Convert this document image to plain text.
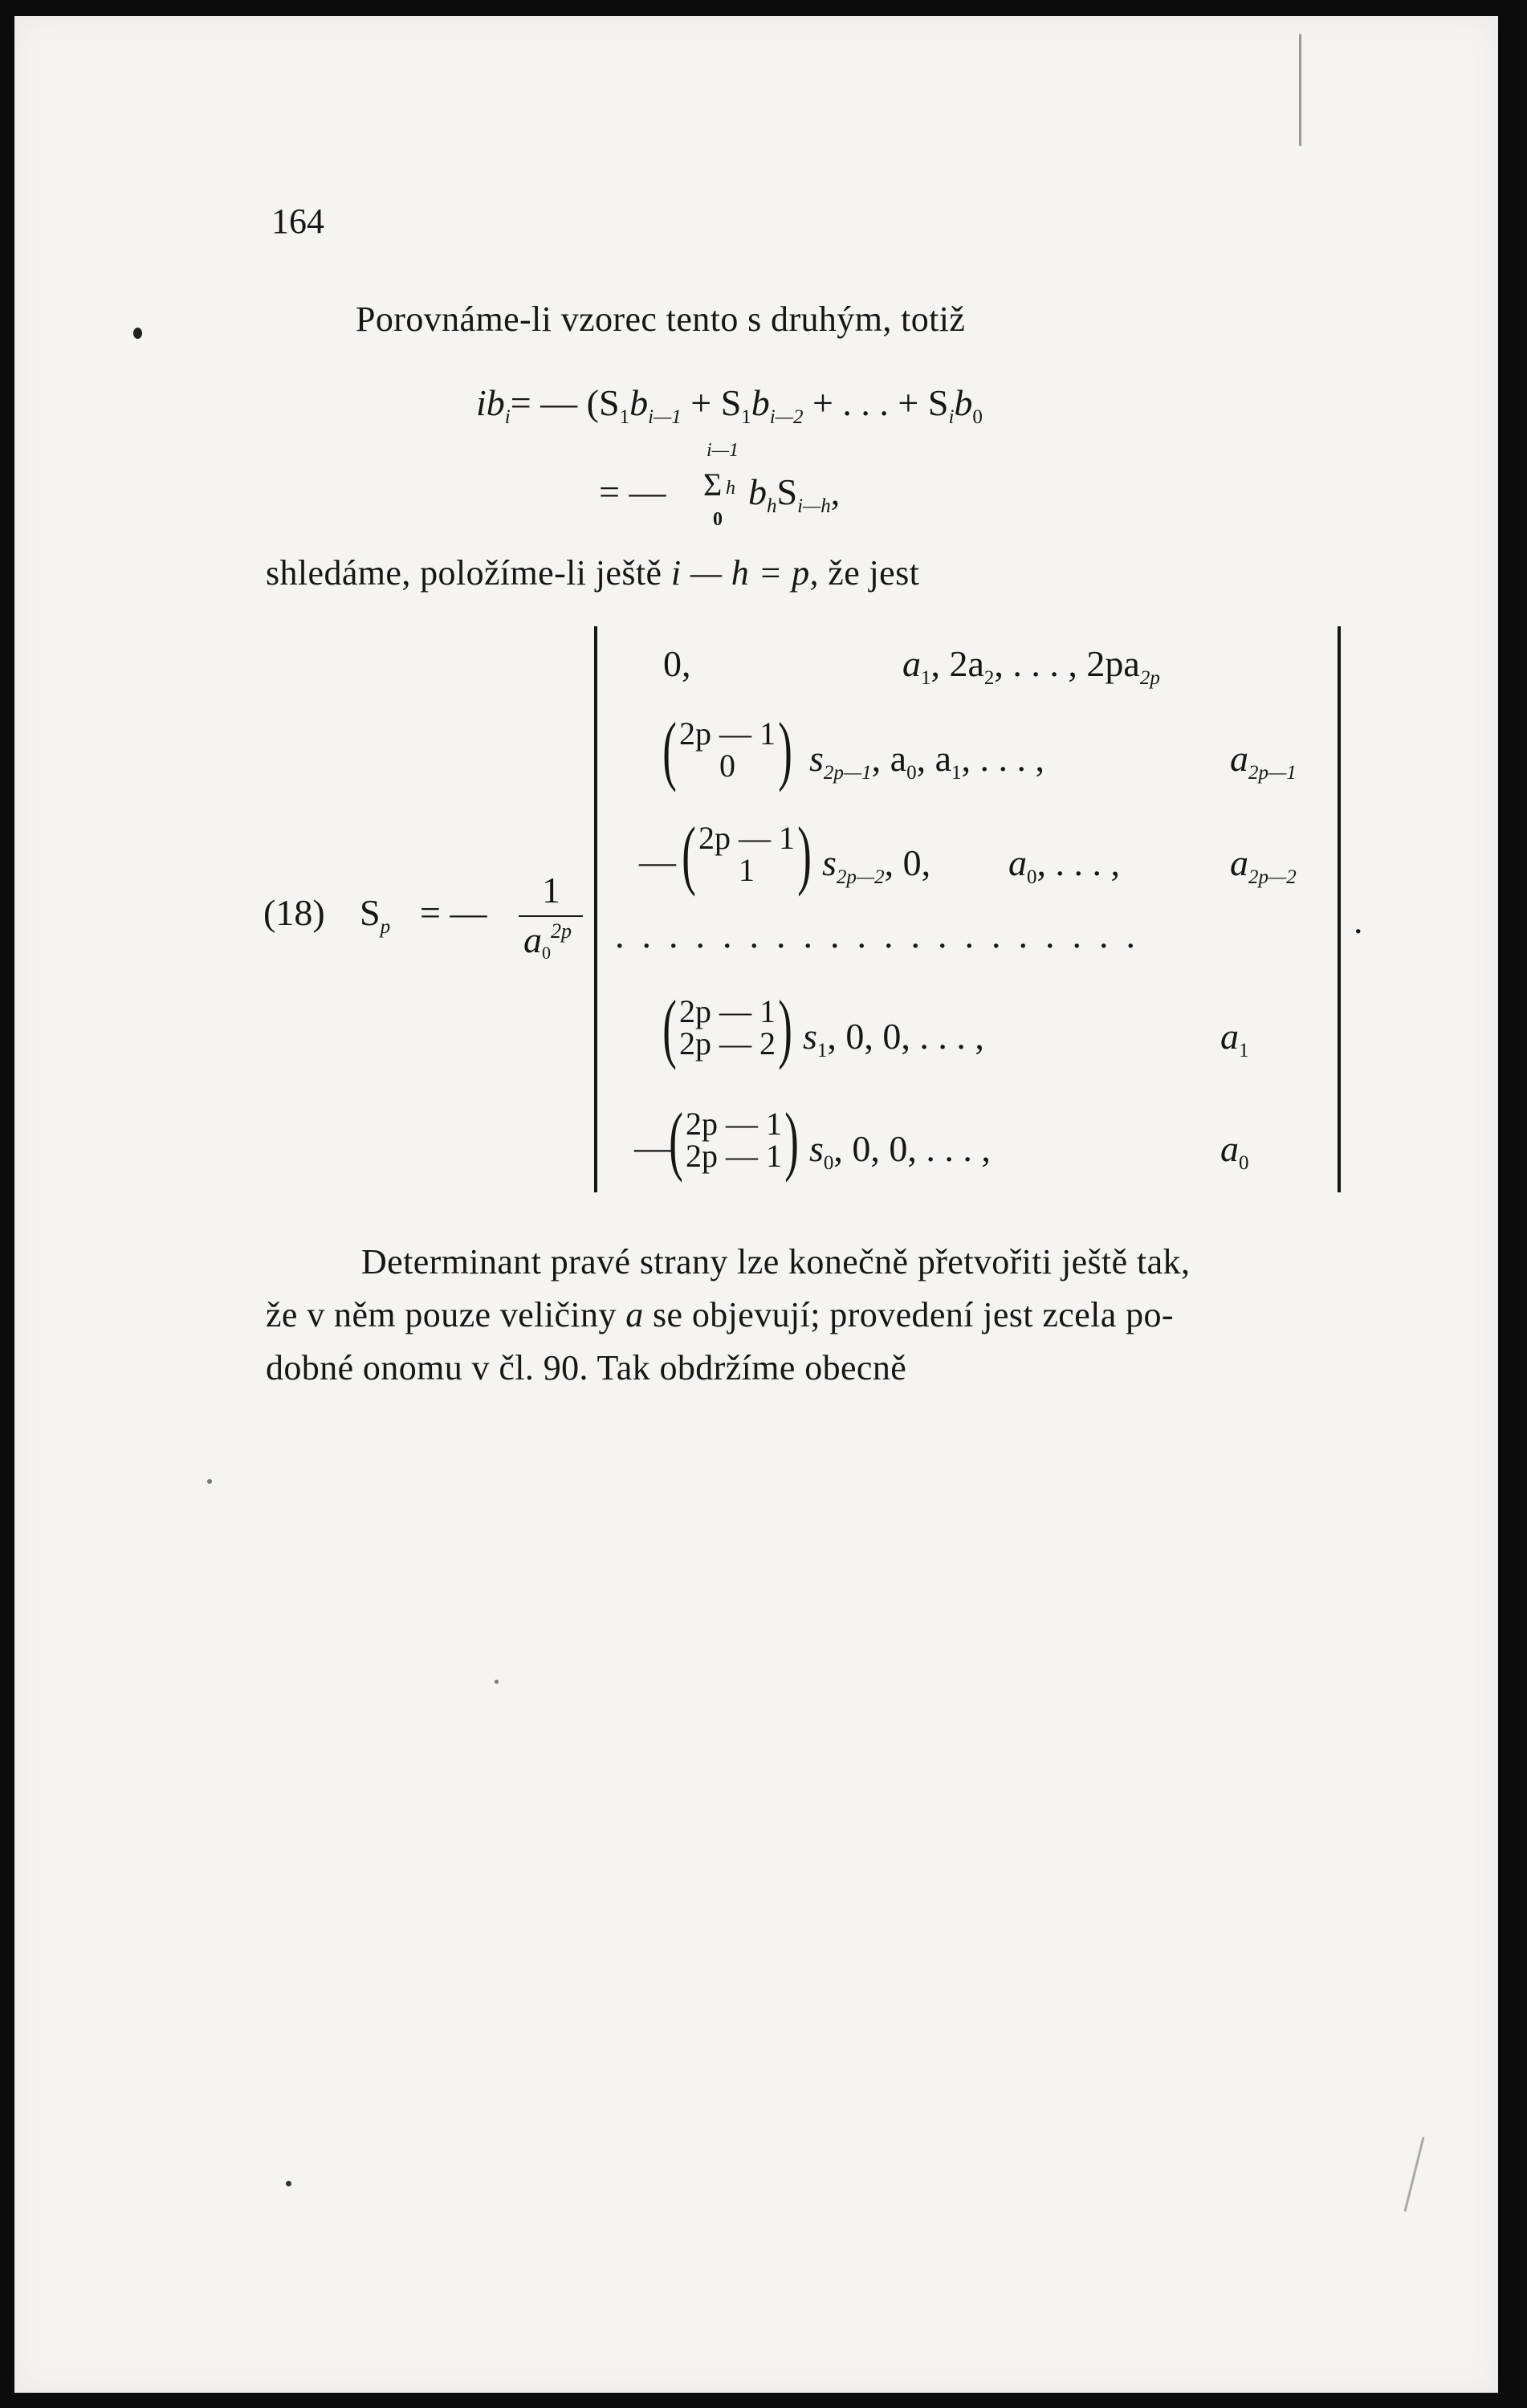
164
Porovnáme-li vzorec tento s druhým, totiž
$ib_i=$ — ($S_1b_{i—1} + S_1b_{i—2}$ + . . . + $S_ib_0$
= —
i—1
Σ h
0
$b_hS_{i—h}$,
shledáme, položíme-li ještě i — h = p, že jest
(18) $S_p$ = —
1
$a0^{2p}$	.
0,	$a_1$, $2a_2$, . . . , $2pa_{2p}$
( 2p — 1
0 ) $s_{2p—1}$, $a_0$, $a_1$, . . . ,	$a_{2p—1}$
— ( 2p — 1
1 ) $s_{2p—2}$, 0, $a_0$, . . . ,	$a_{2p—2}$
....................
( 2p — 1
2p — 2 ) $s_1$, 0, 0, . . . ,	$a_1$
—
( 2p — 1
2p — 1 ) $s_0$, 0, 0, . . . ,	$a_0$
Determinant pravé strany lze konečně přetvořiti ještě tak,
že v něm pouze veličiny a se objevují; provedení jest zcela po-
dobné onomu v čl. 90. Tak obdržíme obecně
